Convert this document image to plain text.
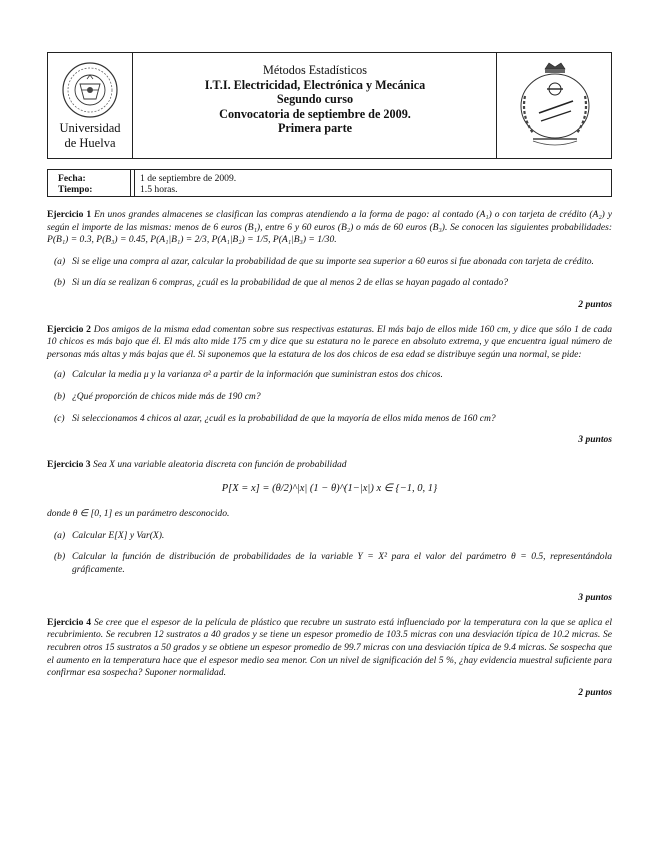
Universidad
de Huelva
Métodos Estadísticos
I.T.I. Electricidad, Electrónica y Mecánica
Segundo curso
Convocatoria de septiembre de 2009.
Primera parte
Fecha:	1 de septiembre de 2009.
Tiempo:	1.5 horas.

Ejercicio 1 En unos grandes almacenes se clasifican las compras atendiendo a la forma de pago: al contado (A₁) o con tarjeta de crédito (A₂) y según el importe de las mismas: menos de 6 euros (B₁), entre 6 y 60 euros (B₂) o más de 60 euros (B₃). Se conocen las siguientes probabilidades: P(B₁) = 0.3, P(B₃) = 0.45, P(A₁|B₁) = 2/3, P(A₁|B₂) = 1/5, P(A₁|B₃) = 1/30.

(a) Si se elige una compra al azar, calcular la probabilidad de que su importe sea superior a 60 euros si fue abonada con tarjeta de crédito.
(b) Si un día se realizan 6 compras, ¿cuál es la probabilidad de que al menos 2 de ellas se hayan pagado al contado?
2 puntos

Ejercicio 2 Dos amigos de la misma edad comentan sobre sus respectivas estaturas. El más bajo de ellos mide 160 cm, y dice que sólo 1 de cada 10 chicos es más bajo que él. El más alto mide 175 cm y dice que su estatura no le parece en absoluto extrema, y que encuentra igual número de personas más altas y más bajas que él. Si suponemos que la estatura de los dos chicos de esa edad se distribuye según una normal, se pide:

(a) Calcular la media μ y la varianza σ² a partir de la información que suministran estos dos chicos.
(b) ¿Qué proporción de chicos mide más de 190 cm?
(c) Si seleccionamos 4 chicos al azar, ¿cuál es la probabilidad de que la mayoría de ellos mida menos de 160 cm?
3 puntos

Ejercicio 3 Sea X una variable aleatoria discreta con función de probabilidad

P[X = x] = (θ/2)^|x| (1 − θ)^(1−|x|) x ∈ {−1, 0, 1}

donde θ ∈ [0, 1] es un parámetro desconocido.

(a) Calcular E[X] y Var(X).
(b) Calcular la función de distribución de probabilidades de la variable Y = X² para el valor del parámetro θ = 0.5, representándola gráficamente.
3 puntos

Ejercicio 4 Se cree que el espesor de la película de plástico que recubre un sustrato está influenciado por la temperatura con la que se aplica el recubrimiento. Se recubren 12 sustratos a 40 grados y se tiene un espesor promedio de 103.5 micras con una desviación típica de 10.2 micras. Se recubren otros 15 sustratos a 50 grados y se obtiene un espesor promedio de 99.7 micras con una desviación típica de 9.4 micras. Se sospecha que el aumento en la temperatura hace que el espesor medio sea menor. Con un nivel de significación del 5 %, ¿hay evidencia muestral suficiente para confirmar esa sospecha? Suponer normalidad.

2 puntos
